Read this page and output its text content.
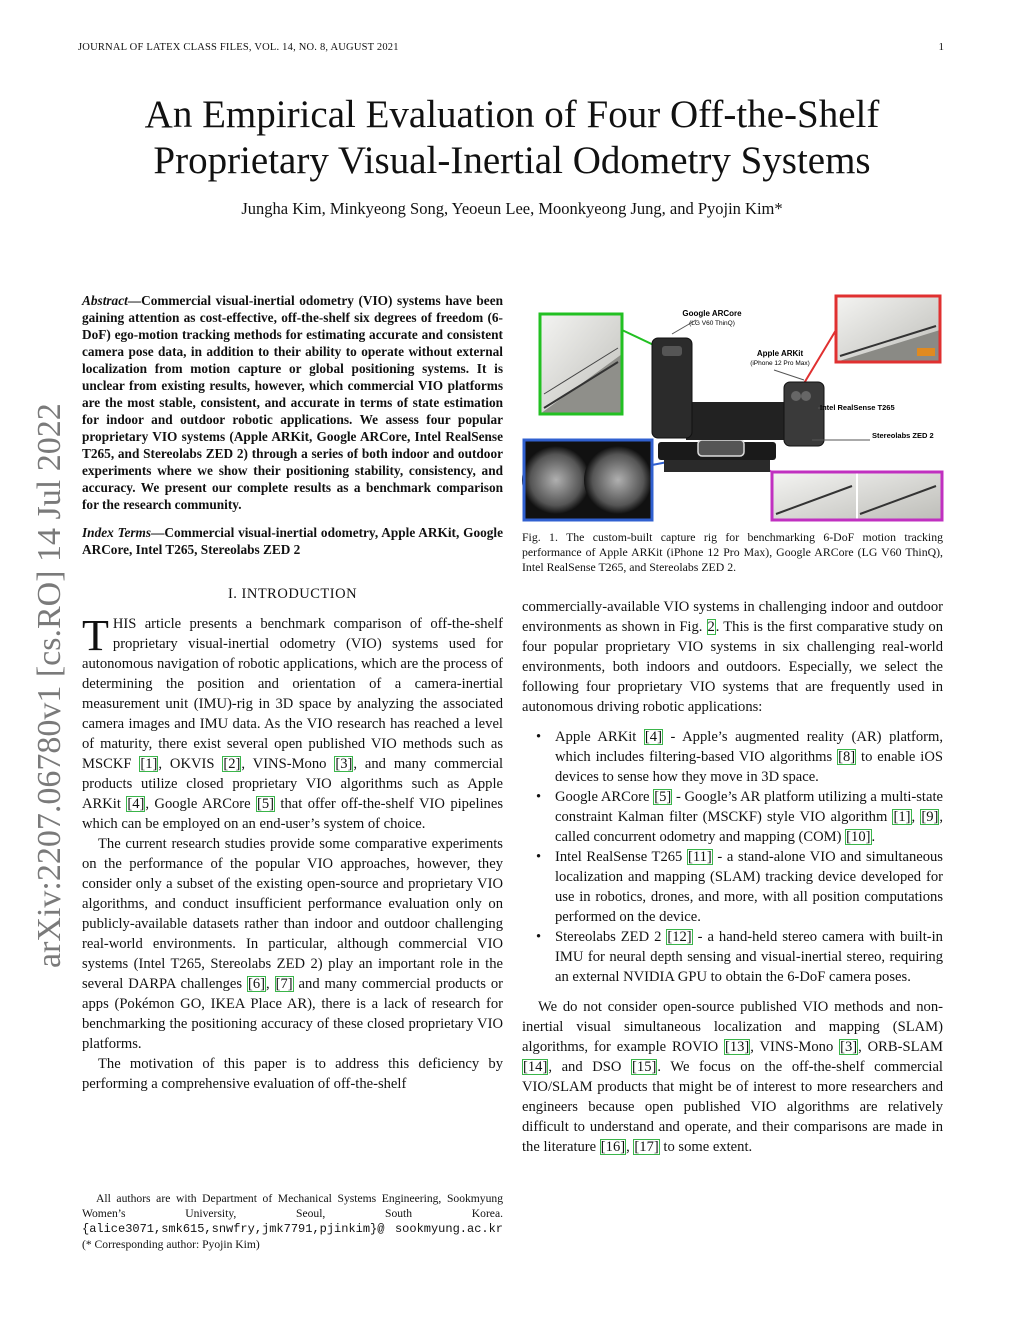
JOURNAL OF LATEX CLASS FILES, VOL. 14, NO. 8, AUGUST 2021	1
arXiv:2207.06780v1 [cs.RO] 14 Jul 2022
An Empirical Evaluation of Four Off-the-Shelf
Proprietary Visual-Inertial Odometry Systems
Jungha Kim, Minkyeong Song, Yeoeun Lee, Moonkyeong Jung, and Pyojin Kim*
Abstract—Commercial visual-inertial odometry (VIO) systems have been gaining attention as cost-effective, off-the-shelf six degrees of freedom (6-DoF) ego-motion tracking methods for estimating accurate and consistent camera pose data, in addition to their ability to operate without external localization from motion capture or global positioning systems. It is unclear from existing results, however, which commercial VIO platforms are the most stable, consistent, and accurate in terms of state estimation for indoor and outdoor robotic applications. We assess four popular proprietary VIO systems (Apple ARKit, Google ARCore, Intel RealSense T265, and Stereolabs ZED 2) through a series of both indoor and outdoor experiments where we show their positioning stability, consistency, and accuracy. We present our complete results as a benchmark comparison for the research community.
Index Terms—Commercial visual-inertial odometry, Apple ARKit, Google ARCore, Intel T265, Stereolabs ZED 2
I. INTRODUCTION

THIS article presents a benchmark comparison of off-the-shelf proprietary visual-inertial odometry (VIO) systems used for autonomous navigation of robotic applications, which are the process of determining the position and orientation of a camera-inertial measurement unit (IMU)-rig in 3D space by analyzing the associated camera images and IMU data. As the VIO research has reached a level of maturity, there exist several open published VIO methods such as MSCKF [1], OKVIS [2], VINS-Mono [3], and many commercial products utilize closed proprietary VIO algorithms such as Apple ARKit [4], Google ARCore [5] that offer off-the-shelf VIO pipelines which can be employed on an end-user’s system of choice.

The current research studies provide some comparative experiments on the performance of the popular VIO approaches, however, they consider only a subset of the existing open-source and proprietary VIO algorithms, and conduct insufficient performance evaluation only on publicly-available datasets rather than indoor and outdoor challenging real-world environments. In particular, although commercial VIO systems (Intel T265, Stereolabs ZED 2) play an important role in the several DARPA challenges [6], [7] and many commercial products or apps (Pokémon GO, IKEA Place AR), there is a lack of research for benchmarking the positioning accuracy of these closed proprietary VIO platforms.

The motivation of this paper is to address this deficiency by performing a comprehensive evaluation of off-the-shelf

All authors are with Department of Mechanical Systems Engineering, Sookmyung Women’s University, Seoul, South Korea. {alice3071,smk615,snwfry,jmk7791,pjinkim}@ sookmyung.ac.kr (* Corresponding author: Pyojin Kim)
Google ARCore
(LG V60 ThinQ)
Apple ARKit
(iPhone 12 Pro Max)
Intel RealSense T265
Stereolabs ZED 2
Fig. 1. The custom-built capture rig for benchmarking 6-DoF motion tracking performance of Apple ARKit (iPhone 12 Pro Max), Google ARCore (LG V60 ThinQ), Intel RealSense T265, and Stereolabs ZED 2.

commercially-available VIO systems in challenging indoor and outdoor environments as shown in Fig. 2. This is the first comparative study on four popular proprietary VIO systems in six challenging real-world environments, both indoors and outdoors. Especially, we select the following four proprietary VIO systems that are frequently used in autonomous driving robotic applications:

•
Apple ARKit [4] - Apple’s augmented reality (AR) platform, which includes filtering-based VIO algorithms [8] to enable iOS devices to sense how they move in 3D space.
•
Google ARCore [5] - Google’s AR platform utilizing a multi-state constraint Kalman filter (MSCKF) style VIO algorithm [1], [9], called concurrent odometry and mapping (COM) [10].
•
Intel RealSense T265 [11] - a stand-alone VIO and simultaneous localization and mapping (SLAM) tracking device developed for use in robotics, drones, and more, with all position computations performed on the device.
•
Stereolabs ZED 2 [12] - a hand-held stereo camera with built-in IMU for neural depth sensing and visual-inertial stereo, requiring an external NVIDIA GPU to obtain the 6-DoF camera poses.

We do not consider open-source published VIO methods and non-inertial visual simultaneous localization and mapping (SLAM) algorithms, for example ROVIO [13], VINS-Mono [3], ORB-SLAM [14], and DSO [15]. We focus on the off-the-shelf commercial VIO/SLAM products that might be of interest to more researchers and engineers because open published VIO algorithms are relatively difficult to understand and operate, and their comparisons are made in the literature [16], [17] to some extent.
